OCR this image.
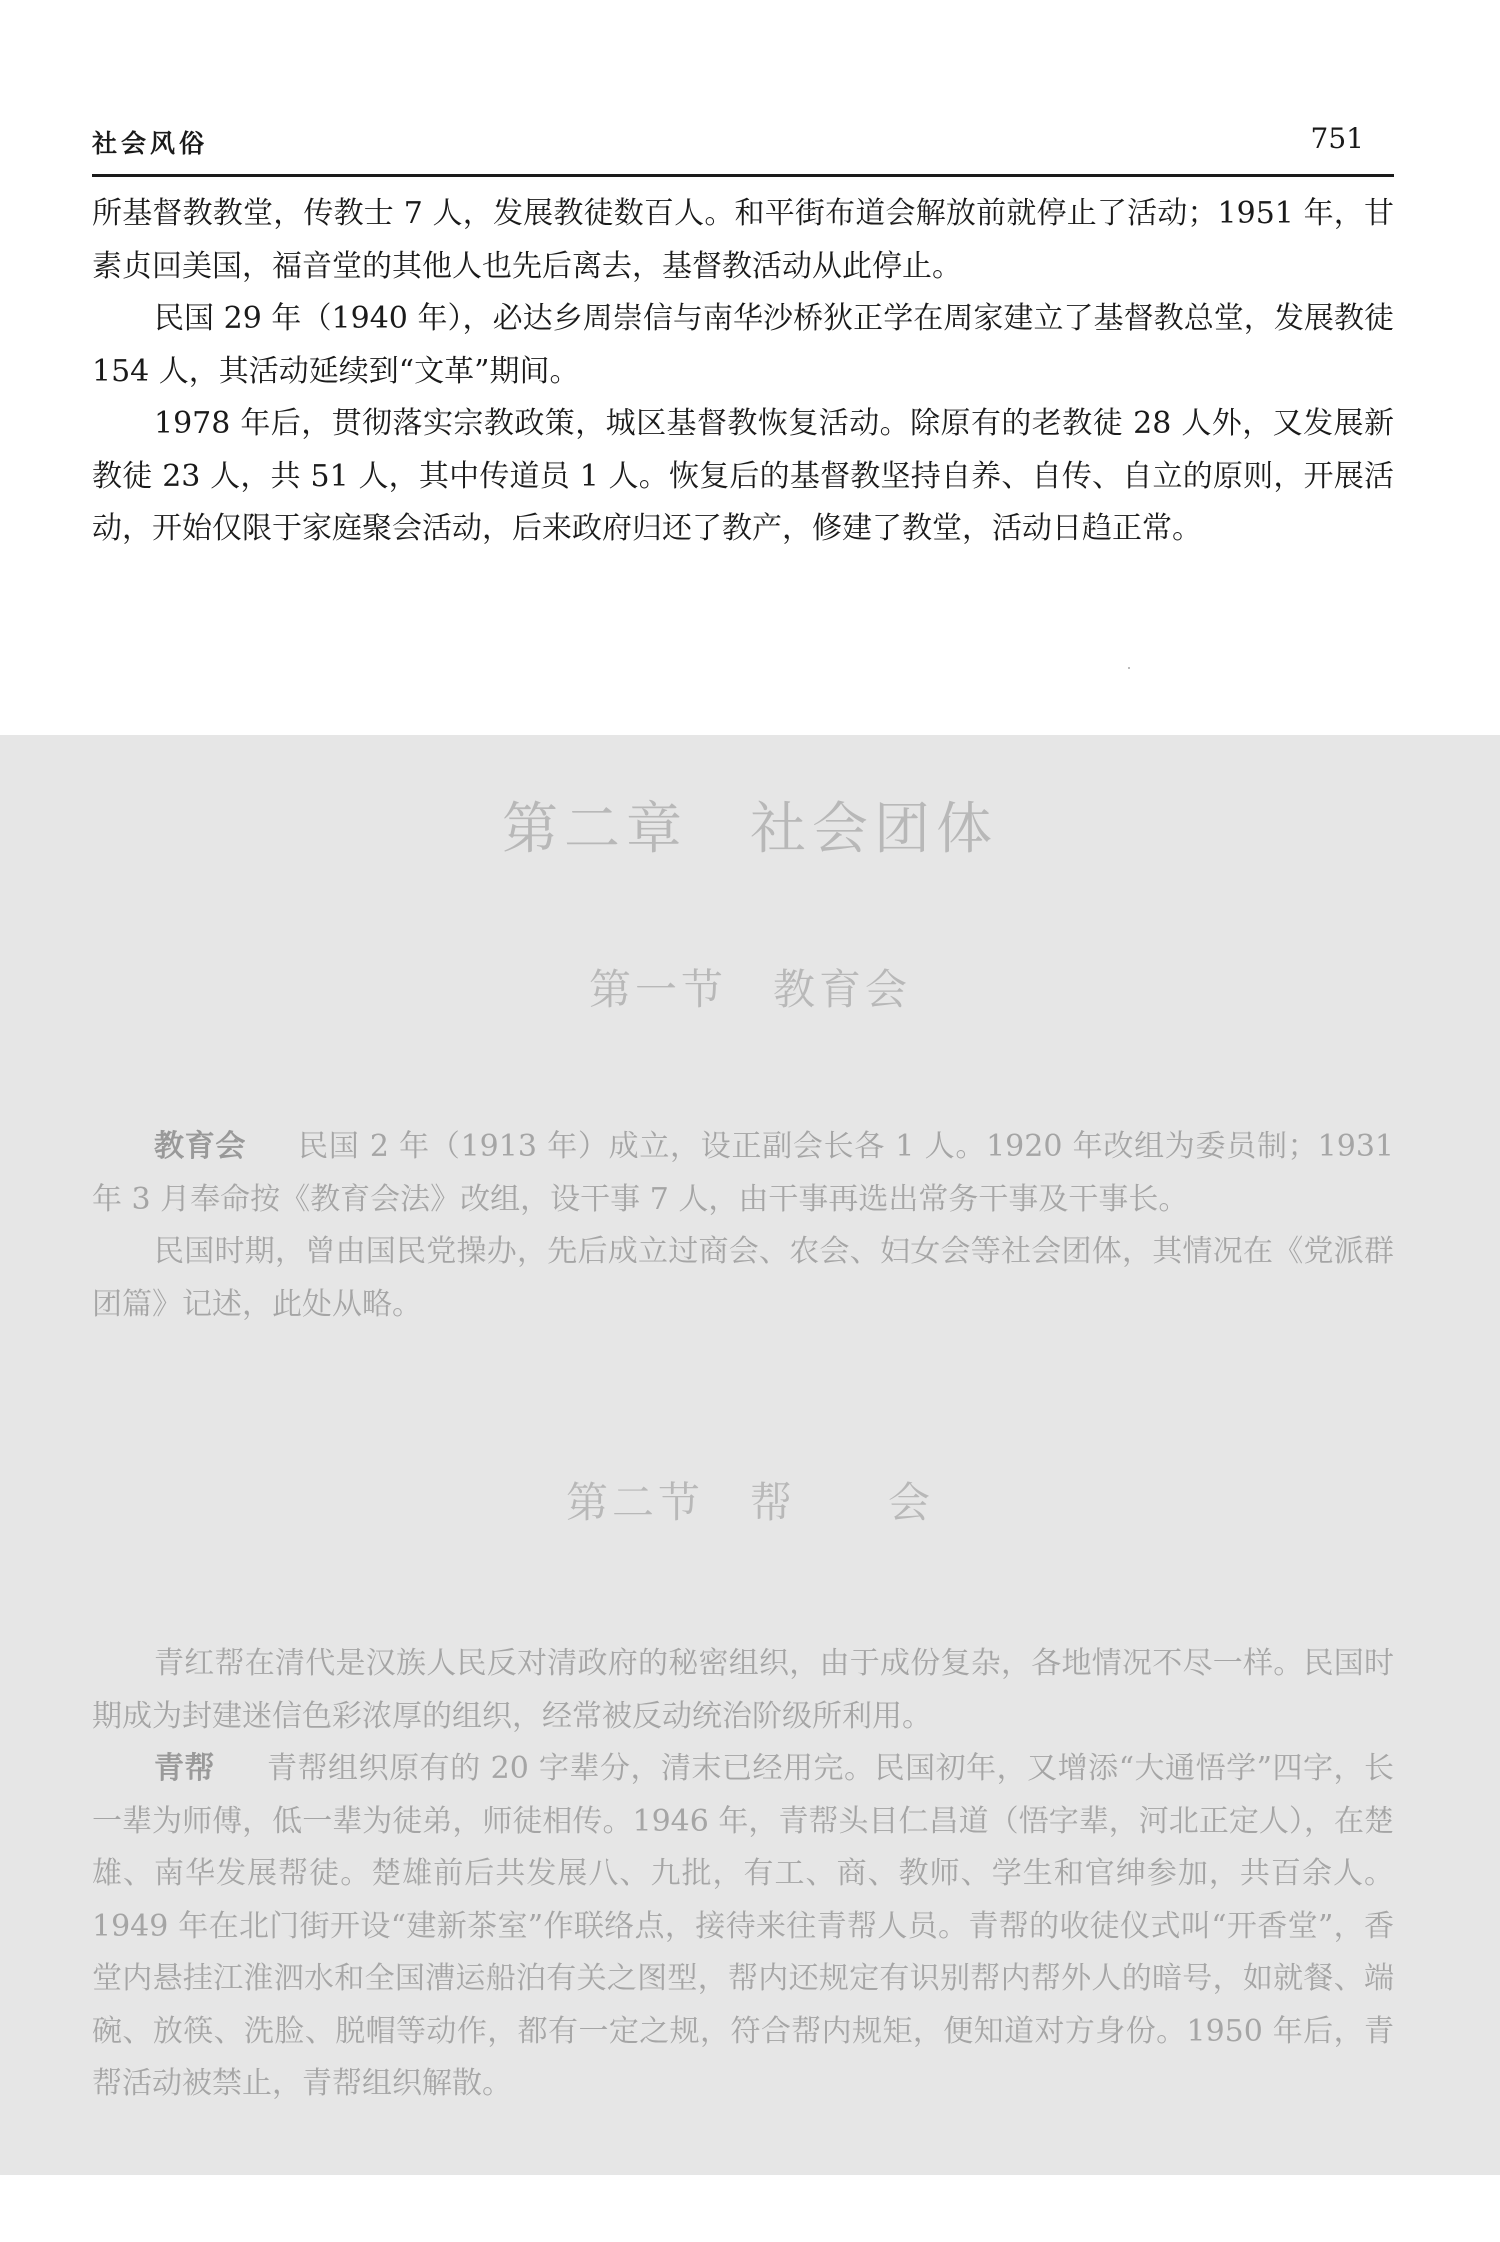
社会风俗	751

所基督教教堂，传教士 7 人，发展教徒数百人。和平街布道会解放前就停止了活动；1951 年，甘素贞回美国，福音堂的其他人也先后离去，基督教活动从此停止。

民国 29 年（1940 年），必达乡周崇信与南华沙桥狄正学在周家建立了基督教总堂，发展教徒 154 人，其活动延续到“文革”期间。

1978 年后，贯彻落实宗教政策，城区基督教恢复活动。除原有的老教徒 28 人外，又发展新教徒 23 人，共 51 人，其中传道员 1 人。恢复后的基督教坚持自养、自传、自立的原则，开展活动，开始仅限于家庭聚会活动，后来政府归还了教产，修建了教堂，活动日趋正常。

第二章　社会团体
第一节　教育会

教育会 民国 2 年（1913 年）成立，设正副会长各 1 人。1920 年改组为委员制；1931 年 3 月奉命按《教育会法》改组，设干事 7 人，由干事再选出常务干事及干事长。

民国时期，曾由国民党操办，先后成立过商会、农会、妇女会等社会团体，其情况在《党派群团篇》记述，此处从略。

第二节　帮　　会

青红帮在清代是汉族人民反对清政府的秘密组织，由于成份复杂，各地情况不尽一样。民国时期成为封建迷信色彩浓厚的组织，经常被反动统治阶级所利用。

青帮 青帮组织原有的 20 字辈分，清末已经用完。民国初年，又增添“大通悟学”四字，长一辈为师傅，低一辈为徒弟，师徒相传。1946 年，青帮头目仁昌道（悟字辈，河北正定人），在楚雄、南华发展帮徒。楚雄前后共发展八、九批，有工、商、教师、学生和官绅参加，共百余人。1949 年在北门街开设“建新茶室”作联络点，接待来往青帮人员。青帮的收徒仪式叫“开香堂”，香堂内悬挂江淮泗水和全国漕运船泊有关之图型，帮内还规定有识别帮内帮外人的暗号，如就餐、端碗、放筷、洗脸、脱帽等动作，都有一定之规，符合帮内规矩，便知道对方身份。1950 年后，青帮活动被禁止，青帮组织解散。
